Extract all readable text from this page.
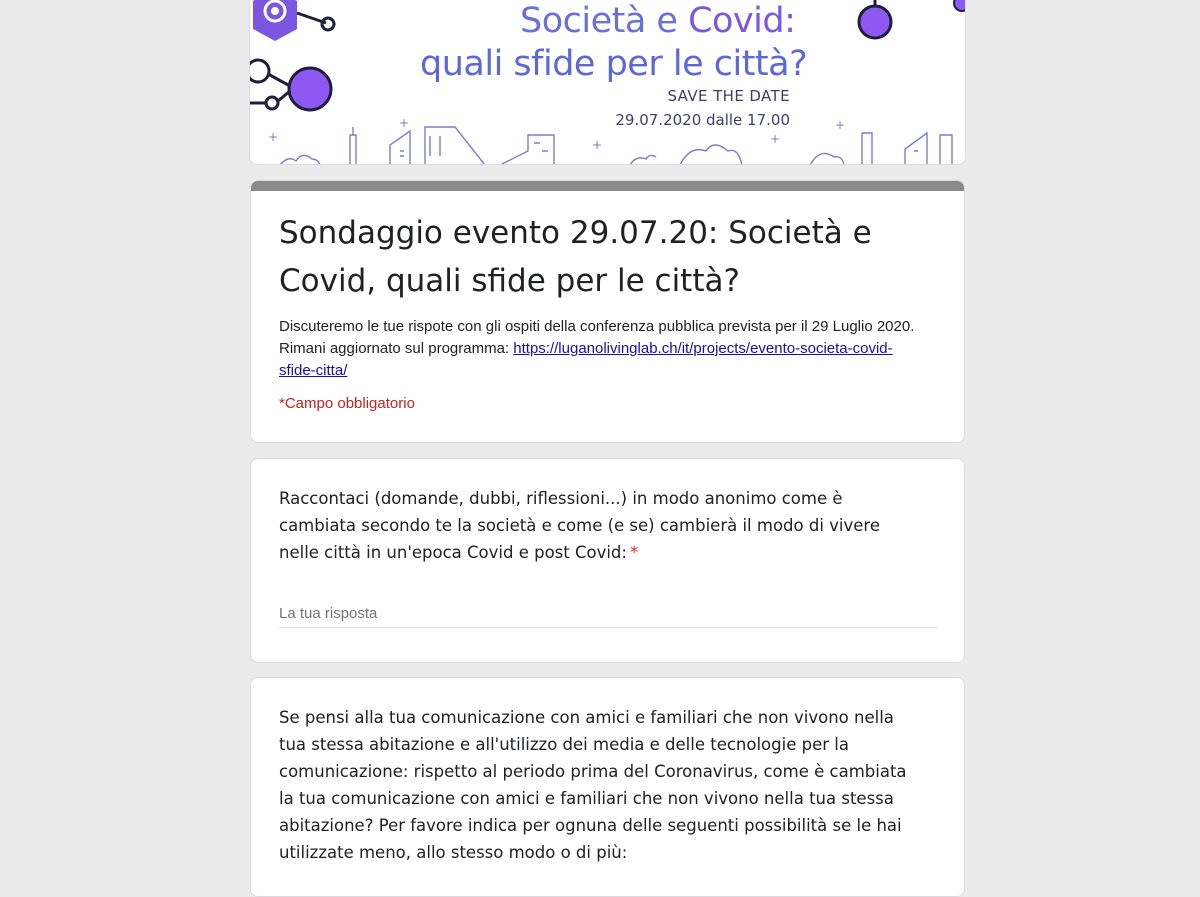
+
+
+	+
+
Società e Covid:
quali sfide per le città?
SAVE THE DATE
29.07.2020 dalle 17.00
Sondaggio evento 29.07.20: Società e Covid, quali sfide per le città?
Discuteremo le tue rispote con gli ospiti della conferenza pubblica prevista per il 29 Luglio 2020. Rimani aggiornato sul programma: https://luganolivinglab.ch/it/projects/evento-societa-covid-sfide-citta/
*Campo obbligatorio
Raccontaci (domande, dubbi, riflessioni...) in modo anonimo come è cambiata secondo te la società e come (e se) cambierà il modo di vivere nelle città in un'epoca Covid e post Covid: *
La tua risposta
Se pensi alla tua comunicazione con amici e familiari che non vivono nella tua stessa abitazione e all'utilizzo dei media e delle tecnologie per la comunicazione: rispetto al periodo prima del Coronavirus, come è cambiata la tua comunicazione con amici e familiari che non vivono nella tua stessa abitazione? Per favore indica per ognuna delle seguenti possibilità se le hai utilizzate meno, allo stesso modo o di più:
